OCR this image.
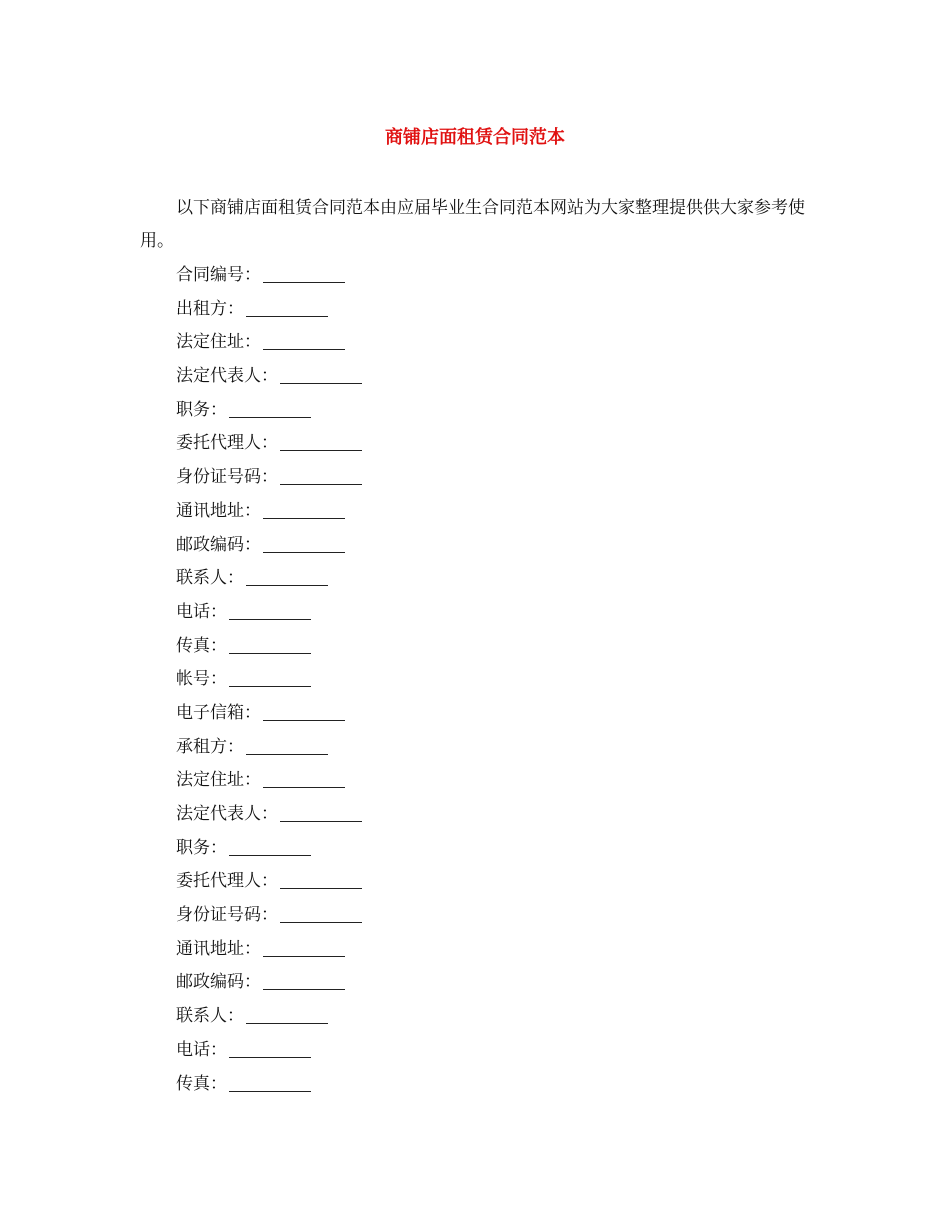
商铺店面租赁合同范本

以下商铺店面租赁合同范本由应届毕业生合同范本网站为大家整理提供供大家参考使用。

合同编号：
出租方：
法定住址：
法定代表人：
职务：
委托代理人：
身份证号码：
通讯地址：
邮政编码：
联系人：
电话：
传真：
帐号：
电子信箱：
承租方：
法定住址：
法定代表人：
职务：
委托代理人：
身份证号码：
通讯地址：
邮政编码：
联系人：
电话：
传真：
